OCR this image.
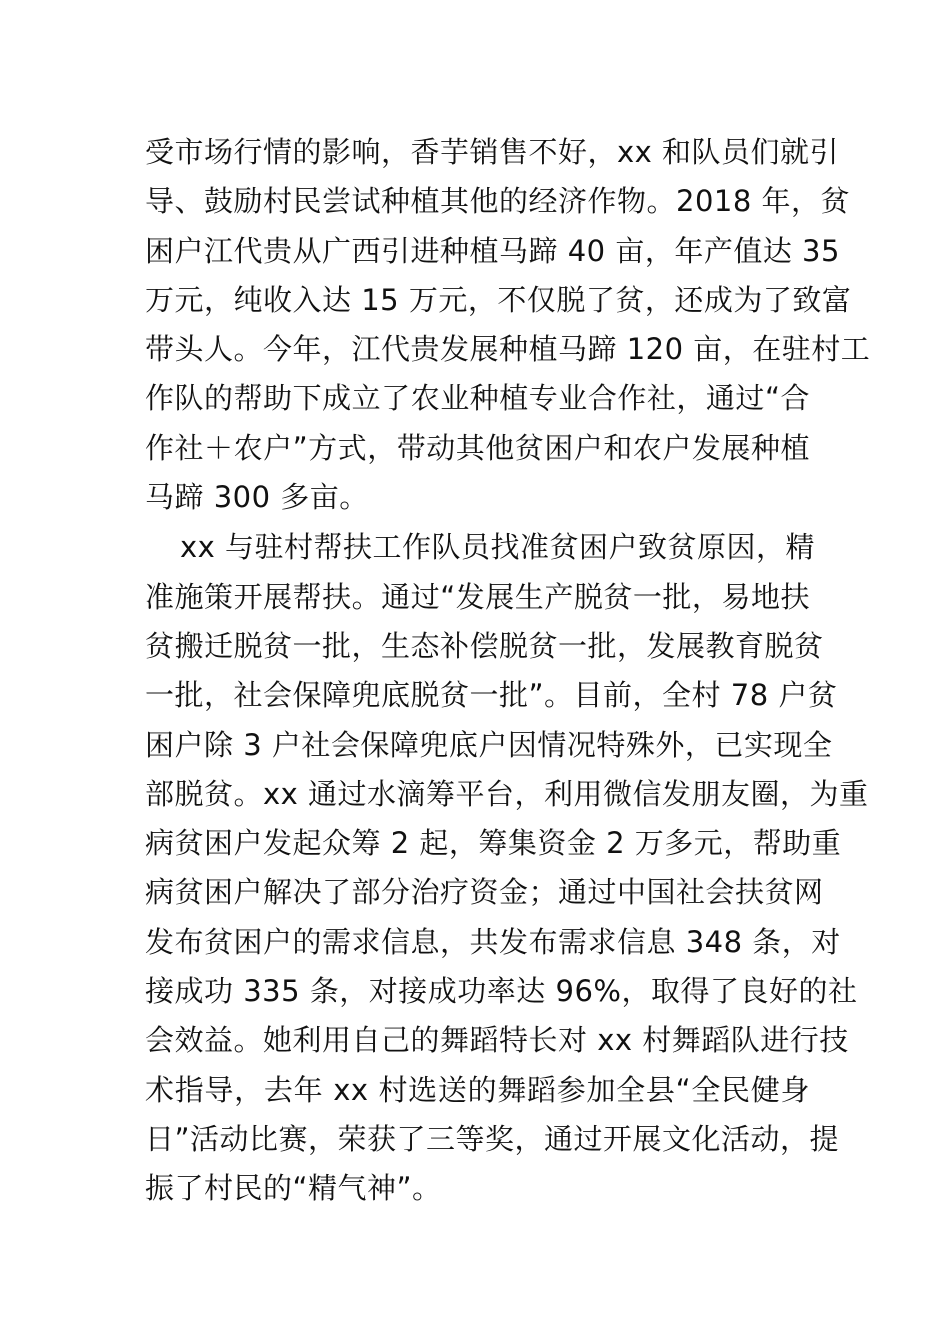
受市场行情的影响，香芋销售不好，xx 和队员们就引
导、鼓励村民尝试种植其他的经济作物。2018 年，贫
困户江代贵从广西引进种植马蹄 40 亩，年产值达 35
万元，纯收入达 15 万元，不仅脱了贫，还成为了致富
带头人。今年，江代贵发展种植马蹄 120 亩，在驻村工
作队的帮助下成立了农业种植专业合作社，通过“合
作社＋农户”方式，带动其他贫困户和农户发展种植
马蹄 300 多亩。
xx 与驻村帮扶工作队员找准贫困户致贫原因，精
准施策开展帮扶。通过“发展生产脱贫一批，易地扶
贫搬迁脱贫一批，生态补偿脱贫一批，发展教育脱贫
一批，社会保障兜底脱贫一批”。目前，全村 78 户贫
困户除 3 户社会保障兜底户因情况特殊外，已实现全
部脱贫。xx 通过水滴筹平台，利用微信发朋友圈，为重
病贫困户发起众筹 2 起，筹集资金 2 万多元，帮助重
病贫困户解决了部分治疗资金；通过中国社会扶贫网
发布贫困户的需求信息，共发布需求信息 348 条，对
接成功 335 条，对接成功率达 96%，取得了良好的社
会效益。她利用自己的舞蹈特长对 xx 村舞蹈队进行技
术指导，去年 xx 村选送的舞蹈参加全县“全民健身
日”活动比赛，荣获了三等奖，通过开展文化活动，提
振了村民的“精气神”。
